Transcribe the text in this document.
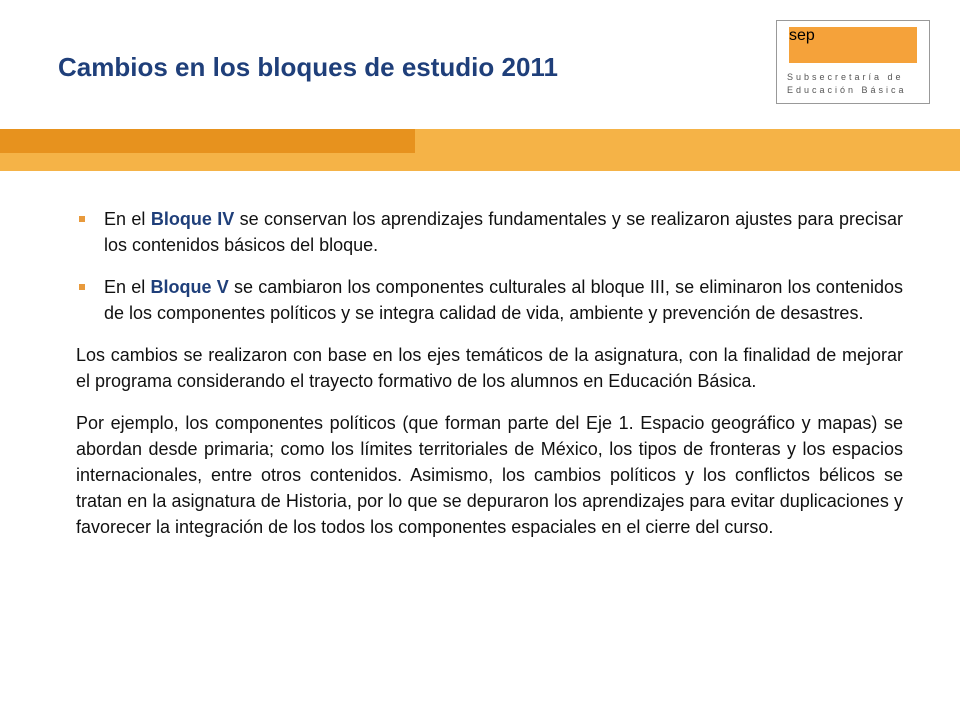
Cambios en los bloques de estudio 2011
sep
Subsecretaría de
Educación Básica
En el Bloque IV se conservan los aprendizajes fundamentales y se realizaron ajustes para precisar los contenidos básicos del bloque.
En el Bloque V se cambiaron los componentes culturales al bloque III, se eliminaron los contenidos de los componentes políticos y se integra calidad de vida, ambiente y prevención de desastres.

Los cambios se realizaron con base en los ejes temáticos de la asignatura, con la finalidad de mejorar el programa considerando el trayecto formativo de los alumnos en Educación Básica.

Por ejemplo, los componentes políticos (que forman parte del Eje 1. Espacio geográfico y mapas) se abordan desde primaria; como los límites territoriales de México, los tipos de fronteras y los espacios internacionales, entre otros contenidos. Asimismo, los cambios políticos y los conflictos bélicos se tratan en la asignatura de Historia, por lo que se depuraron los aprendizajes para evitar duplicaciones y favorecer la integración de los todos los componentes espaciales en el cierre del curso.
